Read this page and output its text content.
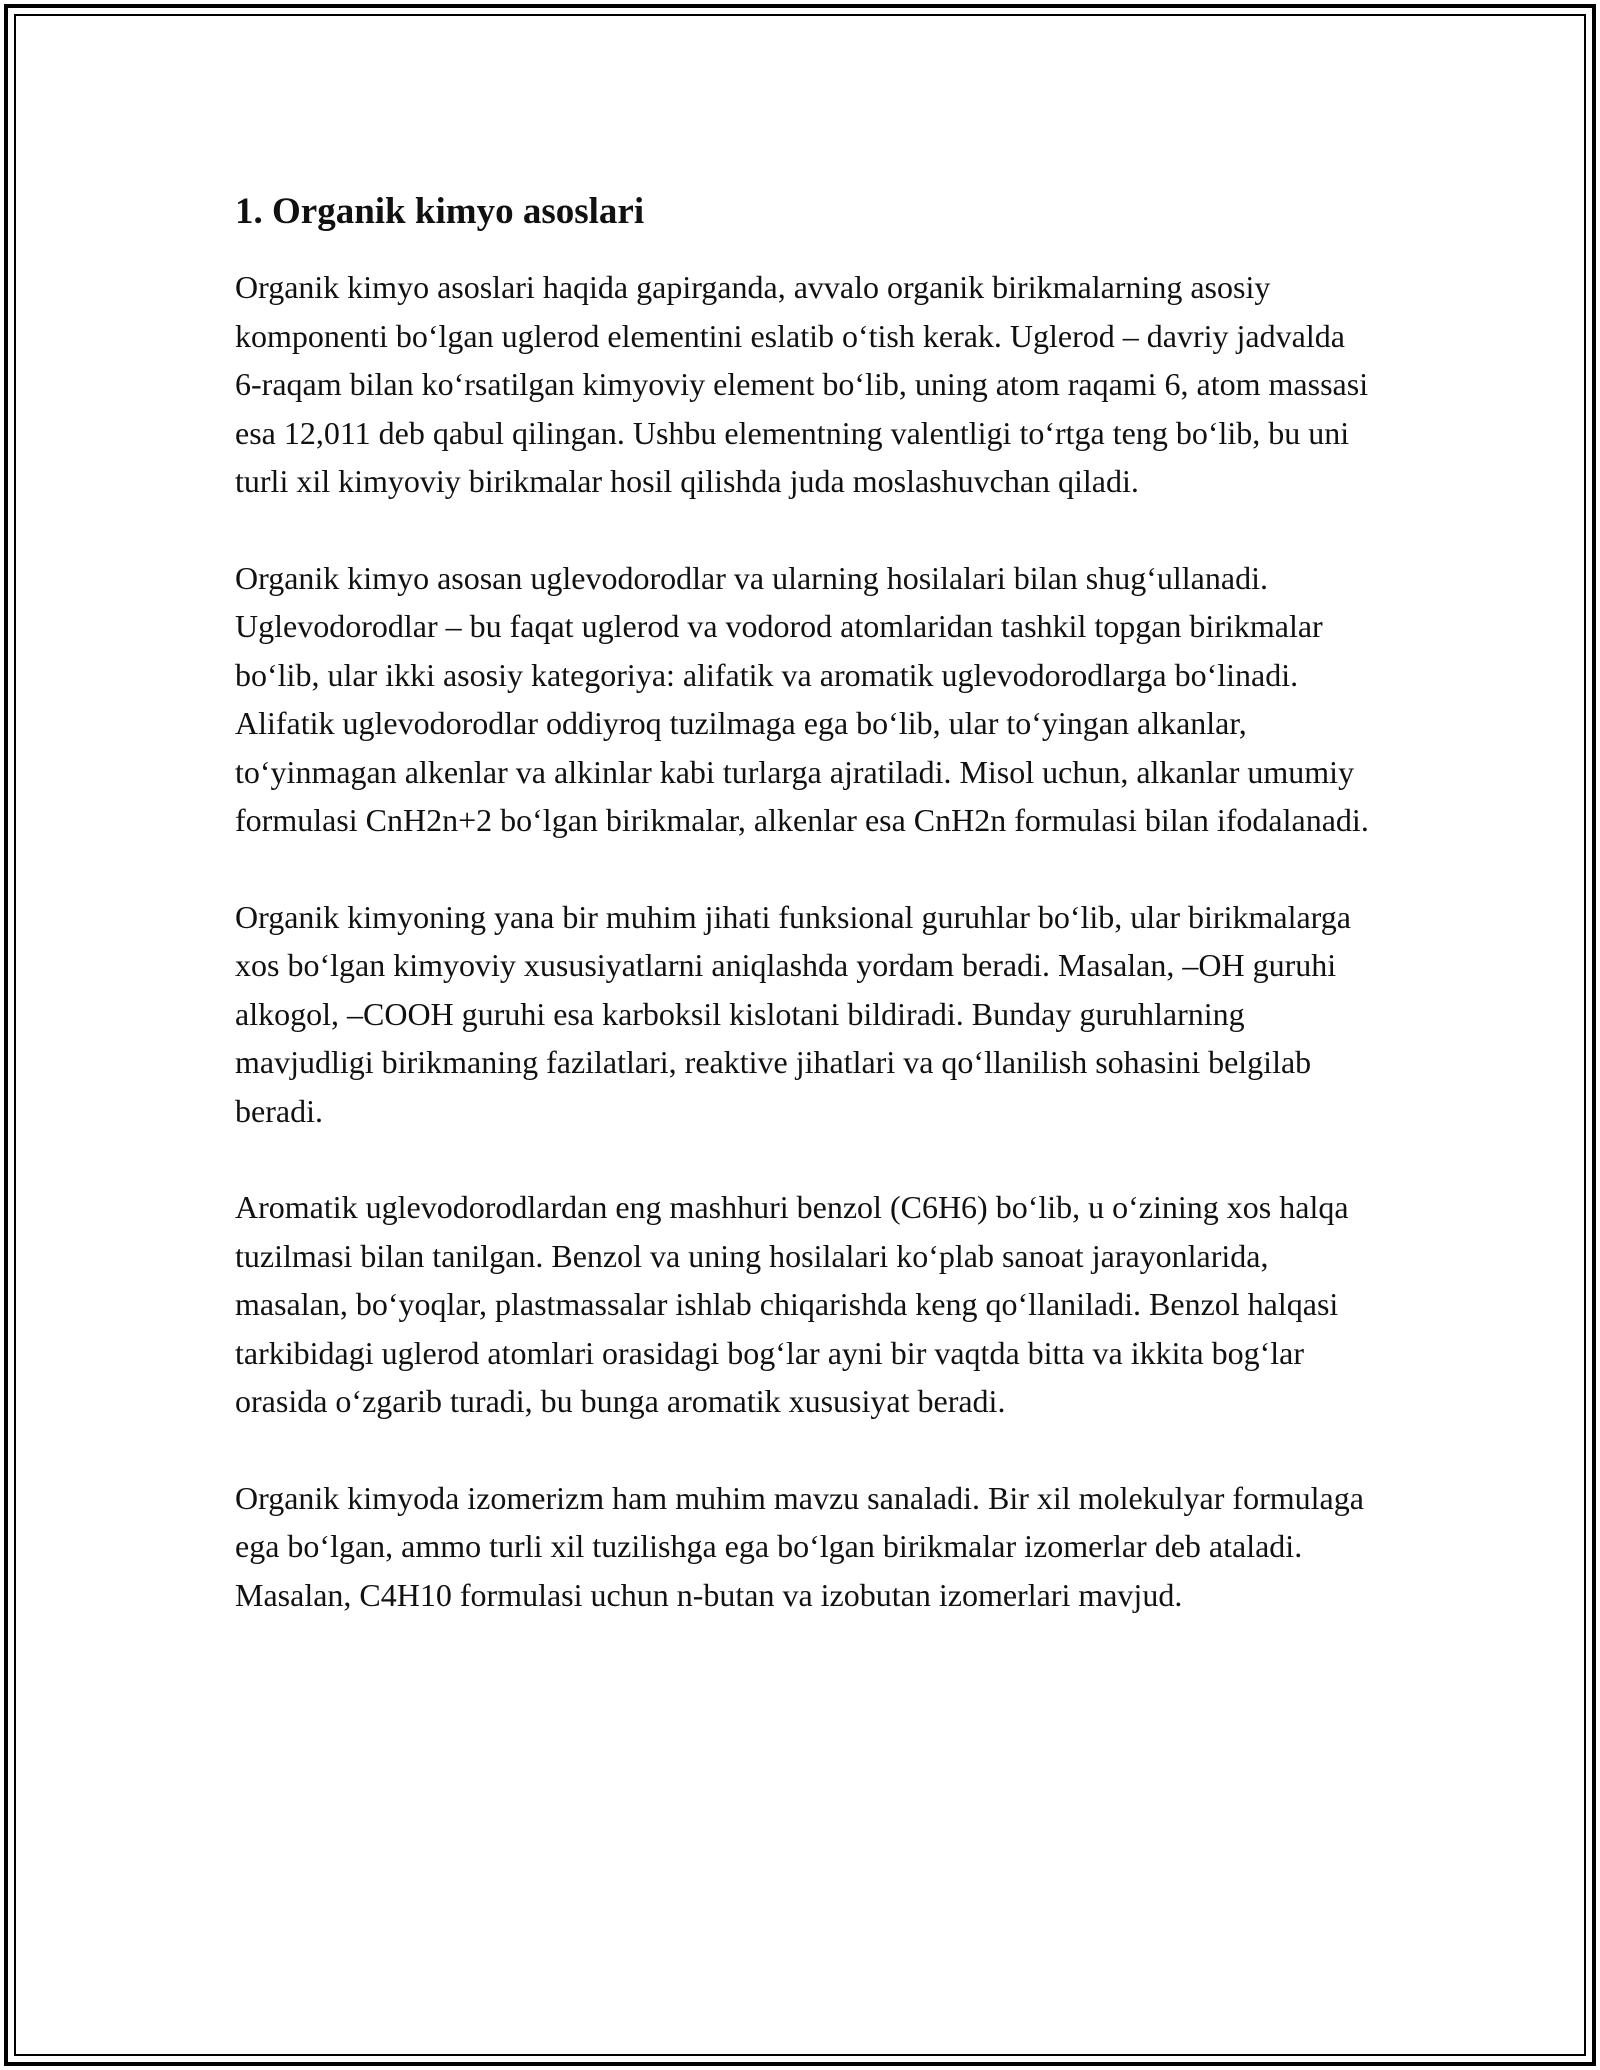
1. Organik kimyo asoslari

Organik kimyo asoslari haqida gapirganda, avvalo organik birikmalarning asosiy komponenti bo‘lgan uglerod elementini eslatib o‘tish kerak. Uglerod – davriy jadvalda 6-raqam bilan ko‘rsatilgan kimyoviy element bo‘lib, uning atom raqami 6, atom massasi esa 12,011 deb qabul qilingan. Ushbu elementning valentligi to‘rtga teng bo‘lib, bu uni turli xil kimyoviy birikmalar hosil qilishda juda moslashuvchan qiladi.

Organik kimyo asosan uglevodorodlar va ularning hosilalari bilan shug‘ullanadi. Uglevodorodlar – bu faqat uglerod va vodorod atomlaridan tashkil topgan birikmalar bo‘lib, ular ikki asosiy kategoriya: alifatik va aromatik uglevodorodlarga bo‘linadi. Alifatik uglevodorodlar oddiyroq tuzilmaga ega bo‘lib, ular to‘yingan alkanlar, to‘yinmagan alkenlar va alkinlar kabi turlarga ajratiladi. Misol uchun, alkanlar umumiy formulasi CnH2n+2 bo‘lgan birikmalar, alkenlar esa CnH2n formulasi bilan ifodalanadi.

Organik kimyoning yana bir muhim jihati funksional guruhlar bo‘lib, ular birikmalarga xos bo‘lgan kimyoviy xususiyatlarni aniqlashda yordam beradi. Masalan, –OH guruhi alkogol, –COOH guruhi esa karboksil kislotani bildiradi. Bunday guruhlarning mavjudligi birikmaning fazilatlari, reaktive jihatlari va qo‘llanilish sohasini belgilab beradi.

Aromatik uglevodorodlardan eng mashhuri benzol (C6H6) bo‘lib, u o‘zining xos halqa tuzilmasi bilan tanilgan. Benzol va uning hosilalari ko‘plab sanoat jarayonlarida, masalan, bo‘yoqlar, plastmassalar ishlab chiqarishda keng qo‘llaniladi. Benzol halqasi tarkibidagi uglerod atomlari orasidagi bog‘lar ayni bir vaqtda bitta va ikkita bog‘lar orasida o‘zgarib turadi, bu bunga aromatik xususiyat beradi.

Organik kimyoda izomerizm ham muhim mavzu sanaladi. Bir xil molekulyar formulaga ega bo‘lgan, ammo turli xil tuzilishga ega bo‘lgan birikmalar izomerlar deb ataladi. Masalan, C4H10 formulasi uchun n-butan va izobutan izomerlari mavjud.
